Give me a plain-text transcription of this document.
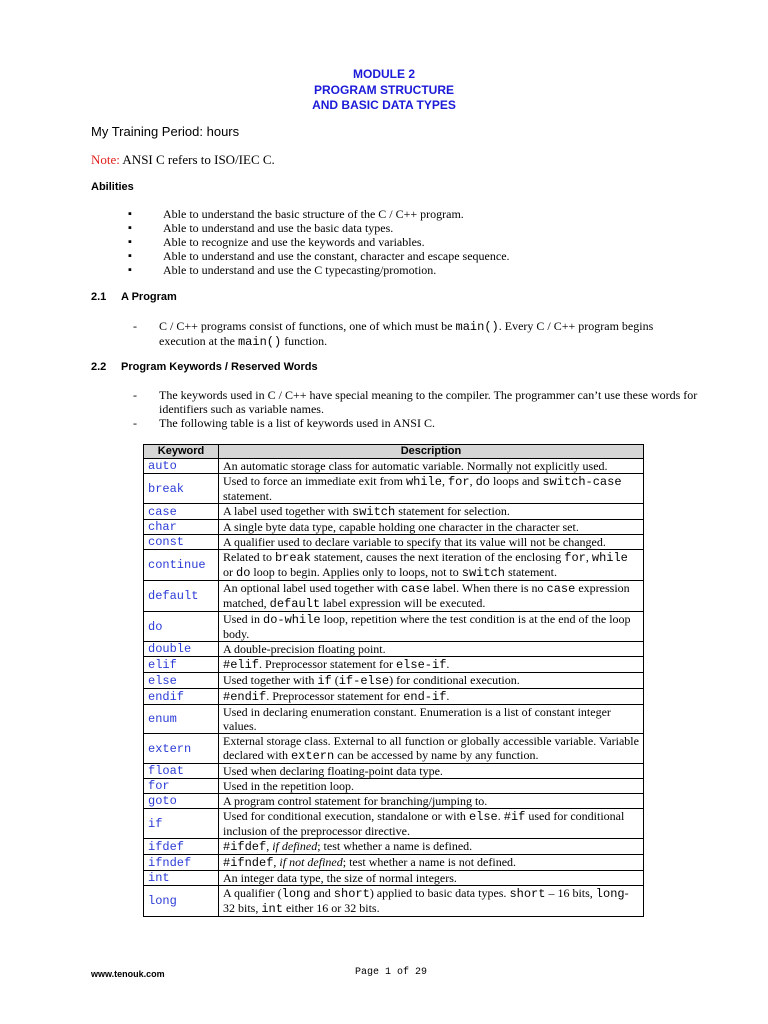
MODULE 2
PROGRAM STRUCTURE
AND BASIC DATA TYPES
My Training Period: hours
Note: ANSI C refers to ISO/IEC C.
Abilities
▪ Able to understand the basic structure of the C / C++ program.
▪ Able to understand and use the basic data types.
▪ Able to recognize and use the keywords and variables.
▪ Able to understand and use the constant, character and escape sequence.
▪ Able to understand and use the C typecasting/promotion.
2.1 A Program
- C / C++ programs consist of functions, one of which must be main(). Every C / C++ program begins execution at the main() function.
2.2 Program Keywords / Reserved Words
- The keywords used in C / C++ have special meaning to the compiler. The programmer can’t use these words for identifiers such as variable names.
- The following table is a list of keywords used in ANSI C.
Keyword	Description
auto	An automatic storage class for automatic variable. Normally not explicitly used.
break	Used to force an immediate exit from while, for, do loops and switch-case statement.
case	A label used together with switch statement for selection.
char	A single byte data type, capable holding one character in the character set.
const	A qualifier used to declare variable to specify that its value will not be changed.
continue	Related to break statement, causes the next iteration of the enclosing for, while or do loop to begin. Applies only to loops, not to switch statement.
default	An optional label used together with case label. When there is no case expression matched, default label expression will be executed.
do	Used in do-while loop, repetition where the test condition is at the end of the loop body.
double	A double-precision floating point.
elif	#elif. Preprocessor statement for else-if.
else	Used together with if (if-else) for conditional execution.
endif	#endif. Preprocessor statement for end-if.
enum	Used in declaring enumeration constant. Enumeration is a list of constant integer values.
extern	External storage class. External to all function or globally accessible variable. Variable declared with extern can be accessed by name by any function.
float	Used when declaring floating-point data type.
for	Used in the repetition loop.
goto	A program control statement for branching/jumping to.
if	Used for conditional execution, standalone or with else. #if used for conditional inclusion of the preprocessor directive.
ifdef	#ifdef, if defined; test whether a name is defined.
ifndef	#ifndef, if not defined; test whether a name is not defined.
int	An integer data type, the size of normal integers.
long	A qualifier (long and short) applied to basic data types. short – 16 bits, long-32 bits, int either 16 or 32 bits.
www.tenouk.com	Page 1 of 29
